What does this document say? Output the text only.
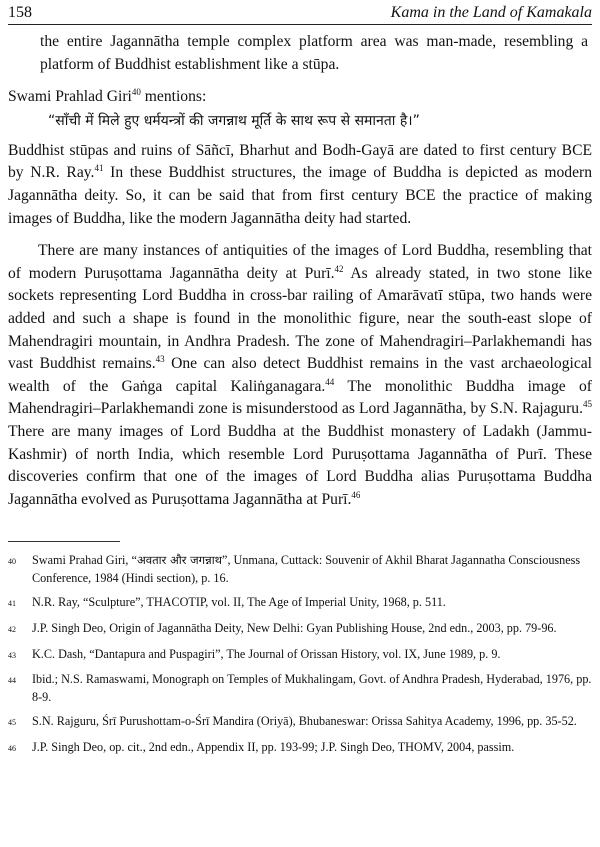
158	Kama in the Land of Kamakala
the entire Jagannātha temple complex platform area was man-made, resembling a platform of Buddhist establishment like a stūpa.
Swami Prahlad Giri$^{40}$ mentions:
“साँची में मिले हुए धर्मयन्त्रों की जगन्नाथ मूर्ति के साथ रूप से समानता है।”
Buddhist stūpas and ruins of Sāñcī, Bharhut and Bodh-Gayā are dated to first century BCE by N.R. Ray.$^{41}$ In these Buddhist structures, the image of Buddha is depicted as modern Jagannātha deity. So, it can be said that from first century BCE the practice of making images of Buddha, like the modern Jagannātha deity had started.
There are many instances of antiquities of the images of Lord Buddha, resembling that of modern Puruṣottama Jagannātha deity at Purī.$^{42}$ As already stated, in two stone like sockets representing Lord Buddha in cross-bar railing of Amarāvatī stūpa, two hands were added and such a shape is found in the monolithic figure, near the south-east slope of Mahendragiri mountain, in Andhra Pradesh. The zone of Mahendragiri–Parlakhemandi has vast Buddhist remains.$^{43}$ One can also detect Buddhist remains in the vast archaeological wealth of the Gaṅga capital Kaliṅganagara.$^{44}$ The monolithic Buddha image of Mahendragiri–Parlakhemandi zone is misunderstood as Lord Jagannātha, by S.N. Rajaguru.$^{45}$ There are many images of Lord Buddha at the Buddhist monastery of Ladakh (Jammu-Kashmir) of north India, which resemble Lord Puruṣottama Jagannātha of Purī. These discoveries confirm that one of the images of Lord Buddha alias Puruṣottama Buddha Jagannātha evolved as Puruṣottama Jagannātha at Purī.$^{46}$
40	Swami Prahad Giri, “अवतार और जगन्नाथ”, Unmana, Cuttack: Souvenir of Akhil Bharat Jagannatha Consciousness Conference, 1984 (Hindi section), p. 16.
41	N.R. Ray, “Sculpture”, THACOTIP, vol. II, The Age of Imperial Unity, 1968, p. 511.
42	J.P. Singh Deo, Origin of Jagannātha Deity, New Delhi: Gyan Publishing House, 2nd edn., 2003, pp. 79-96.
43	K.C. Dash, “Dantapura and Puspagiri”, The Journal of Orissan History, vol. IX, June 1989, p. 9.
44	Ibid.; N.S. Ramaswami, Monograph on Temples of Mukhalingam, Govt. of Andhra Pradesh, Hyderabad, 1976, pp. 8-9.
45	S.N. Rajguru, Śrī Purushottam-o-Śrī Mandira (Oriyā), Bhubaneswar: Orissa Sahitya Academy, 1996, pp. 35-52.
46	J.P. Singh Deo, op. cit., 2nd edn., Appendix II, pp. 193-99; J.P. Singh Deo, THOMV, 2004, passim.
